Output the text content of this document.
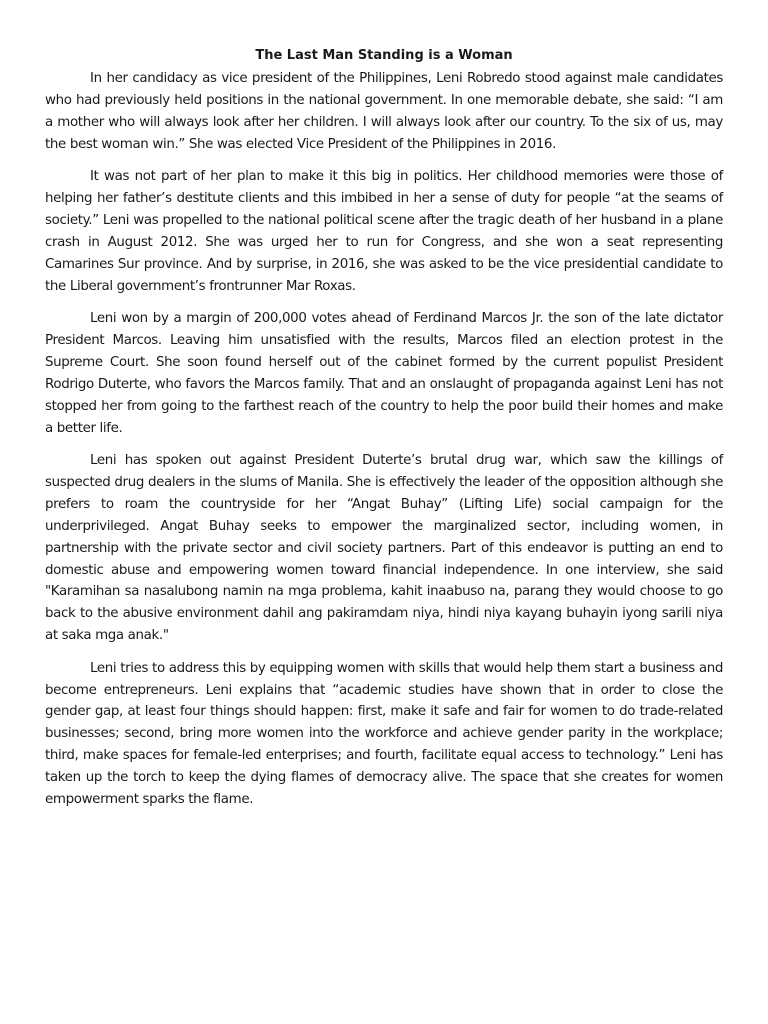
The Last Man Standing is a Woman

In her candidacy as vice president of the Philippines, Leni Robredo stood against male candidates who had previously held positions in the national government. In one memorable debate, she said: “I am a mother who will always look after her children. I will always look after our country. To the six of us, may the best woman win.” She was elected Vice President of the Philippines in 2016.

It was not part of her plan to make it this big in politics. Her childhood memories were those of helping her father’s destitute clients and this imbibed in her a sense of duty for people “at the seams of society.” Leni was propelled to the national political scene after the tragic death of her husband in a plane crash in August 2012. She was urged her to run for Congress, and she won a seat representing Camarines Sur province. And by surprise, in 2016, she was asked to be the vice presidential candidate to the Liberal government’s frontrunner Mar Roxas.

Leni won by a margin of 200,000 votes ahead of Ferdinand Marcos Jr. the son of the late dictator President Marcos. Leaving him unsatisfied with the results, Marcos filed an election protest in the Supreme Court. She soon found herself out of the cabinet formed by the current populist President Rodrigo Duterte, who favors the Marcos family. That and an onslaught of propaganda against Leni has not stopped her from going to the farthest reach of the country to help the poor build their homes and make a better life.

Leni has spoken out against President Duterte’s brutal drug war, which saw the killings of suspected drug dealers in the slums of Manila. She is effectively the leader of the opposition although she prefers to roam the countryside for her “Angat Buhay” (Lifting Life) social campaign for the underprivileged. Angat Buhay seeks to empower the marginalized sector, including women, in partnership with the private sector and civil society partners. Part of this endeavor is putting an end to domestic abuse and empowering women toward financial independence. In one interview, she said "Karamihan sa nasalubong namin na mga problema, kahit inaabuso na, parang they would choose to go back to the abusive environment dahil ang pakiramdam niya, hindi niya kayang buhayin iyong sarili niya at saka mga anak."

Leni tries to address this by equipping women with skills that would help them start a business and become entrepreneurs. Leni explains that “academic studies have shown that in order to close the gender gap, at least four things should happen: first, make it safe and fair for women to do trade-related businesses; second, bring more women into the workforce and achieve gender parity in the workplace; third, make spaces for female-led enterprises; and fourth, facilitate equal access to technology.” Leni has taken up the torch to keep the dying flames of democracy alive. The space that she creates for women empowerment sparks the flame.
